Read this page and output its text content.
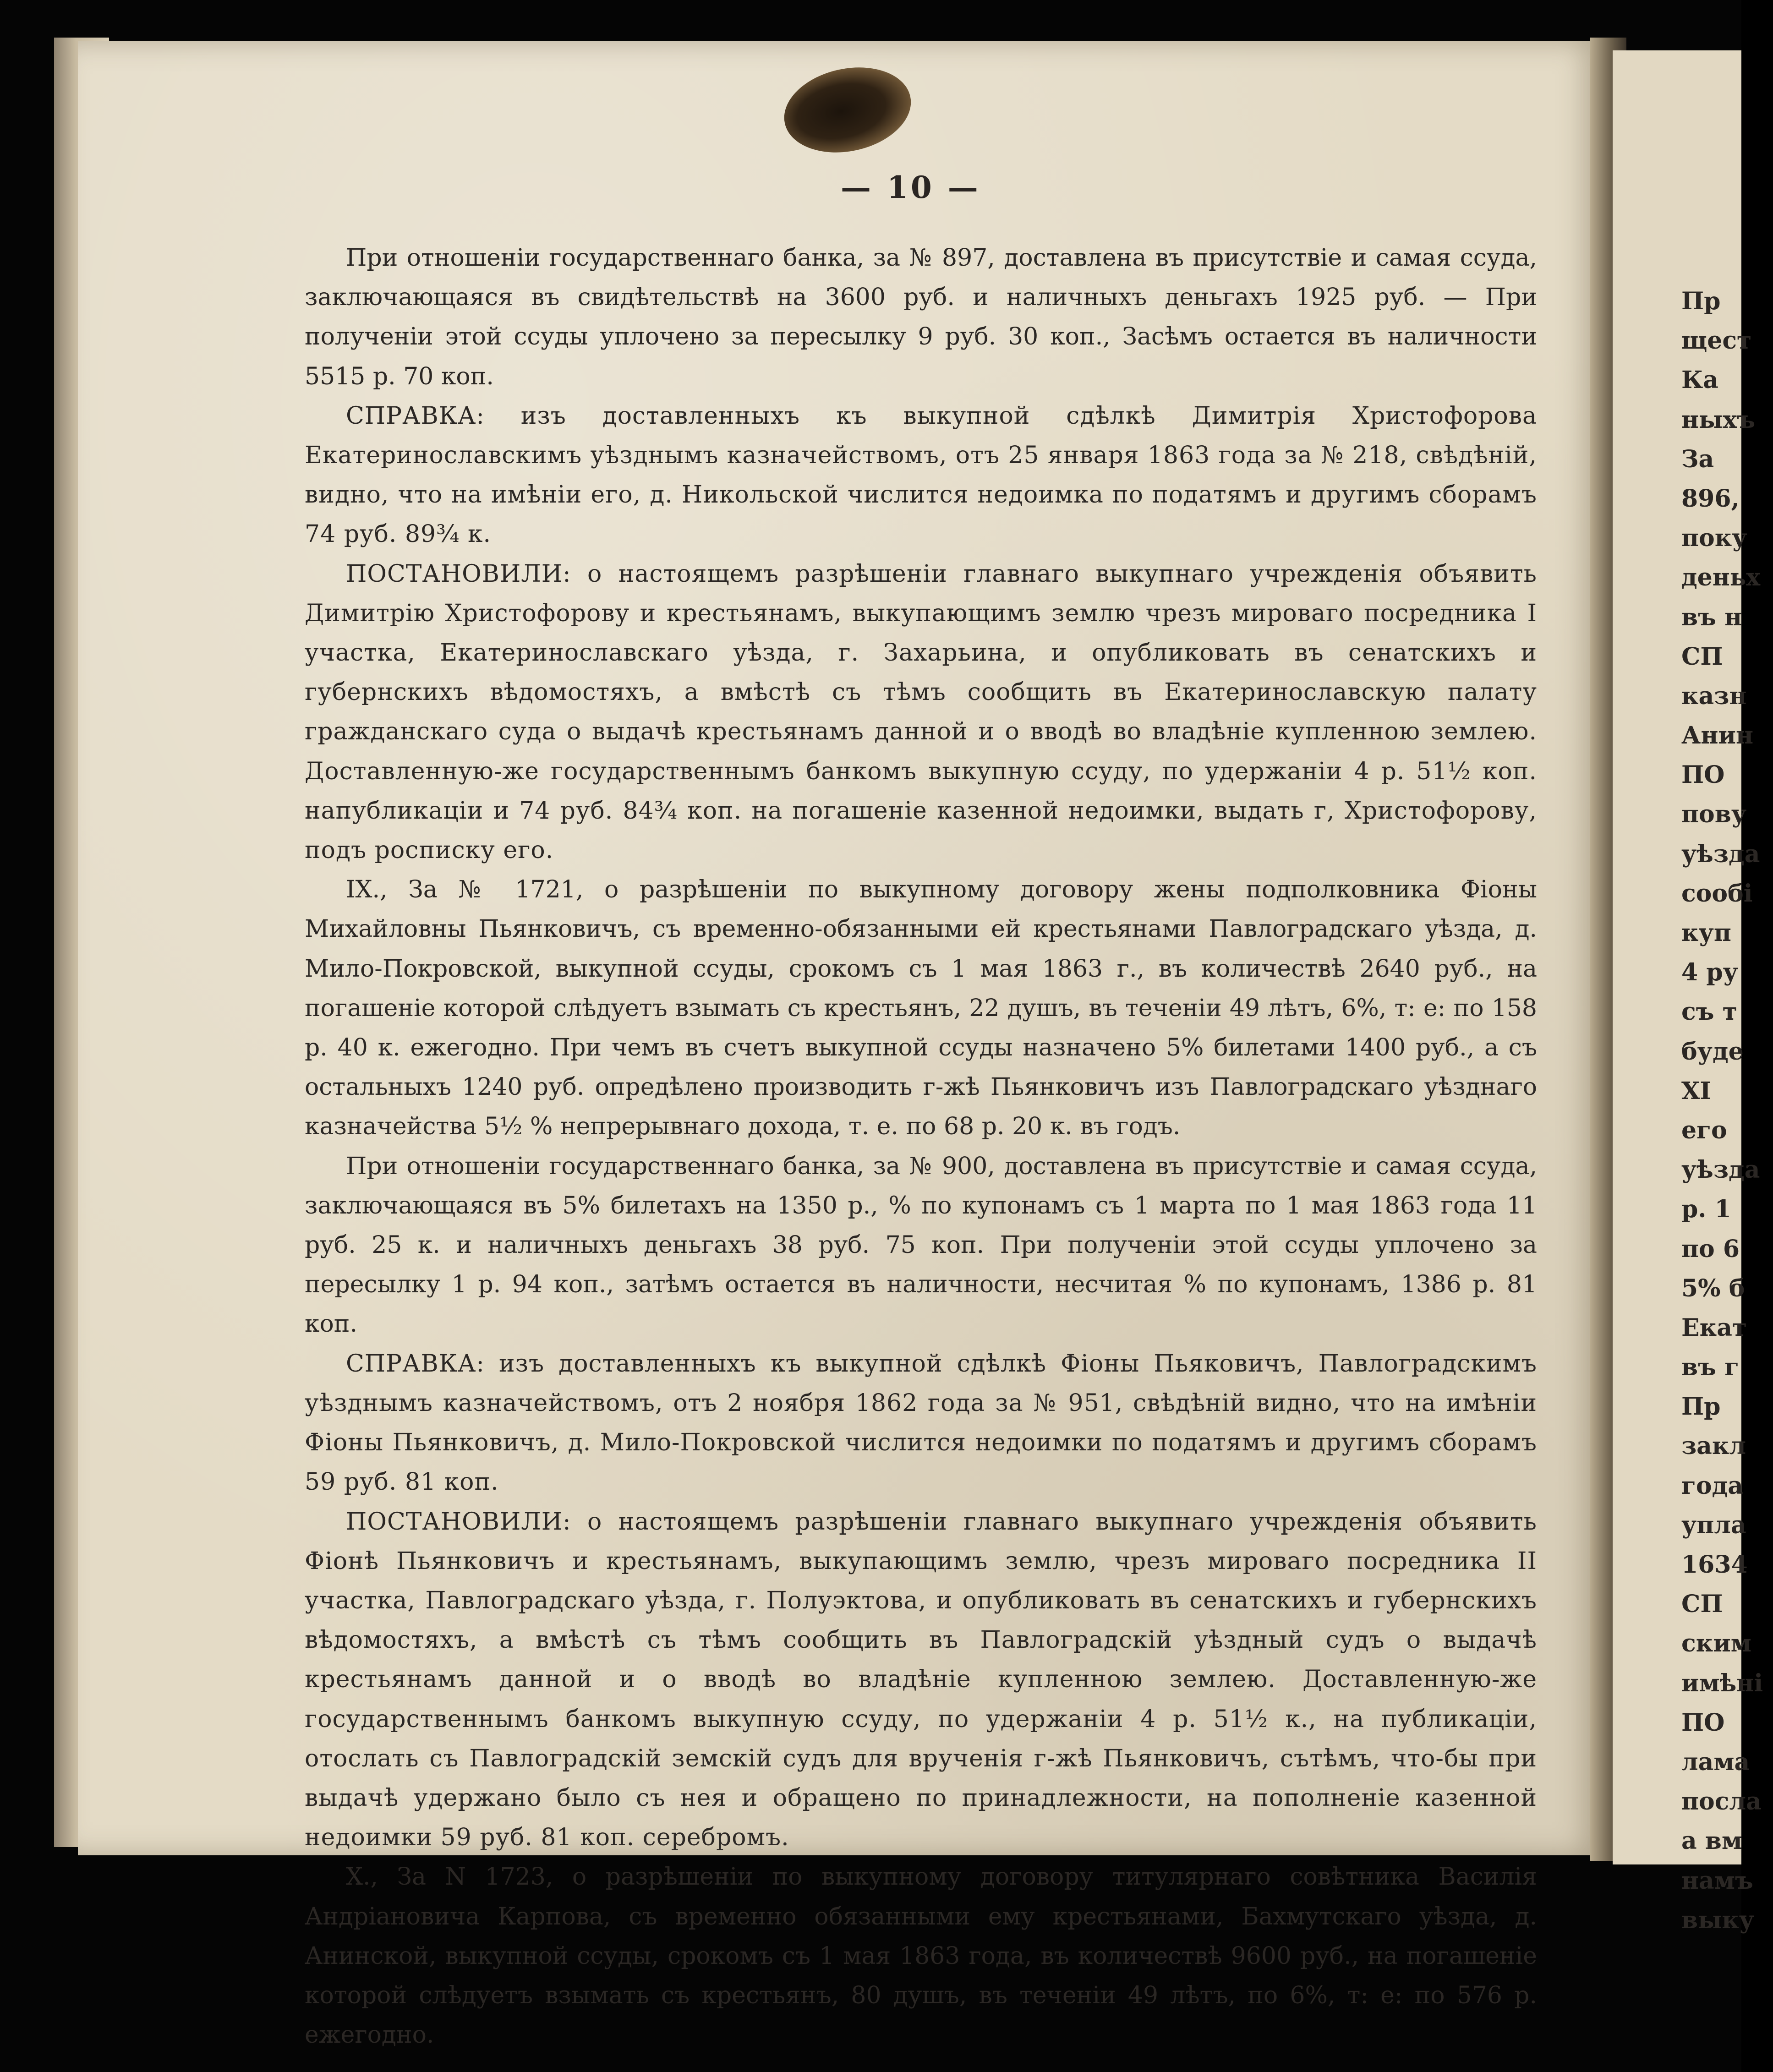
Пр
щест
Ка
ныхъ
За
896,
поку
деньх
въ н
СП
казн
Анин
ПО
пову
уѣзда
сообі
куп
4 ру
съ т
буде
XI
его
уѣзда
р. 1
по 6
5% б
Екат
въ г
Пр
закл
года
упла
1634
СП
ским
имѣні
ПО
лама
посла
а вм
намъ
выку
— 10 —

При отношеніи государственнаго банка, за № 897, доставлена въ присутствіе и самая ссуда, заключающаяся въ свидѣтельствѣ на 3600 руб. и наличныхъ деньгахъ 1925 руб. — При полученіи этой ссуды уплочено за пересылку 9 руб. 30 коп., Засѣмъ остается въ наличности 5515 р. 70 коп.

СПРАВКА: изъ доставленныхъ къ выкупной сдѣлкѣ Димитрія Христофорова Екатеринославскимъ уѣзднымъ казначействомъ, отъ 25 января 1863 года за № 218, свѣдѣній, видно, что на имѣніи его, д. Никольской числится недоимка по податямъ и другимъ сборамъ 74 руб. 89¾ к.

ПОСТАНОВИЛИ: о настоящемъ разрѣшеніи главнаго выкупнаго учрежденія объявить Димитрію Христофорову и крестьянамъ, выкупающимъ землю чрезъ мироваго посредника I участка, Екатеринославскаго уѣзда, г. Захарьина, и опубликовать въ сенатскихъ и губернскихъ вѣдомостяхъ, а вмѣстѣ съ тѣмъ сообщить въ Екатеринославскую палату гражданскаго суда о выдачѣ крестьянамъ данной и о вводѣ во владѣніе купленною землею. Доставленную-же государственнымъ банкомъ выкупную ссуду, по удержаніи 4 р. 51½ коп. напубликаціи и 74 руб. 84¾ коп. на погашеніе казенной недоимки, выдать г, Христофорову, подъ росписку его.

IX., За № 1721, о разрѣшеніи по выкупному договору жены подполковника Фіоны Михайловны Пьянковичъ, съ временно-обязанными ей крестьянами Павлоградскаго уѣзда, д. Мило-Покровской, выкупной ссуды, срокомъ съ 1 мая 1863 г., въ количествѣ 2640 руб., на погашеніе которой слѣдуетъ взымать съ крестьянъ, 22 душъ, въ теченіи 49 лѣтъ, 6%, т: е: по 158 р. 40 к. ежегодно. При чемъ въ счетъ выкупной ссуды назначено 5% билетами 1400 руб., а съ остальныхъ 1240 руб. опредѣлено производить г-жѣ Пьянковичъ изъ Павлоградскаго уѣзднаго казначейства 5½ % непрерывнаго дохода, т. е. по 68 р. 20 к. въ годъ.

При отношеніи государственнаго банка, за № 900, доставлена въ присутствіе и самая ссуда, заключающаяся въ 5% билетахъ на 1350 р., % по купонамъ съ 1 марта по 1 мая 1863 года 11 руб. 25 к. и наличныхъ деньгахъ 38 руб. 75 коп. При полученіи этой ссуды уплочено за пересылку 1 р. 94 коп., затѣмъ остается въ наличности, несчитая % по купонамъ, 1386 р. 81 коп.

СПРАВКА: изъ доставленныхъ къ выкупной сдѣлкѣ Фіоны Пьяковичъ, Павлоградскимъ уѣзднымъ казначействомъ, отъ 2 ноября 1862 года за № 951, свѣдѣній видно, что на имѣніи Фіоны Пьянковичъ, д. Мило-Покровской числится недоимки по податямъ и другимъ сборамъ 59 руб. 81 коп.

ПОСТАНОВИЛИ: о настоящемъ разрѣшеніи главнаго выкупнаго учрежденія объявить Фіонѣ Пьянковичъ и крестьянамъ, выкупающимъ землю, чрезъ мироваго посредника II участка, Павлоградскаго уѣзда, г. Полуэктова, и опубликовать въ сенатскихъ и губернскихъ вѣдомостяхъ, а вмѣстѣ съ тѣмъ сообщить въ Павлоградскій уѣздный судъ о выдачѣ крестьянамъ данной и о вводѣ во владѣніе купленною землею. Доставленную-же государственнымъ банкомъ выкупную ссуду, по удержаніи 4 р. 51½ к., на публикаціи, отослать съ Павлоградскій земскій судъ для врученія г-жѣ Пьянковичъ, сътѣмъ, что-бы при выдачѣ удержано было съ нея и обращено по принадлежности, на пополненіе казенной недоимки 59 руб. 81 коп. серебромъ.

X., За N 1723, о разрѣшеніи по выкупному договору титулярнаго совѣтника Василія Андріановича Карпова, съ временно обязанными ему крестьянами, Бахмутскаго уѣзда, д. Анинской, выкупной ссуды, срокомъ съ 1 мая 1863 года, въ количествѣ 9600 руб., на погашеніе которой слѣдуетъ взымать съ крестьянъ, 80 душъ, въ теченіи 49 лѣтъ, по 6%, т: е: по 576 р. ежегодно.
